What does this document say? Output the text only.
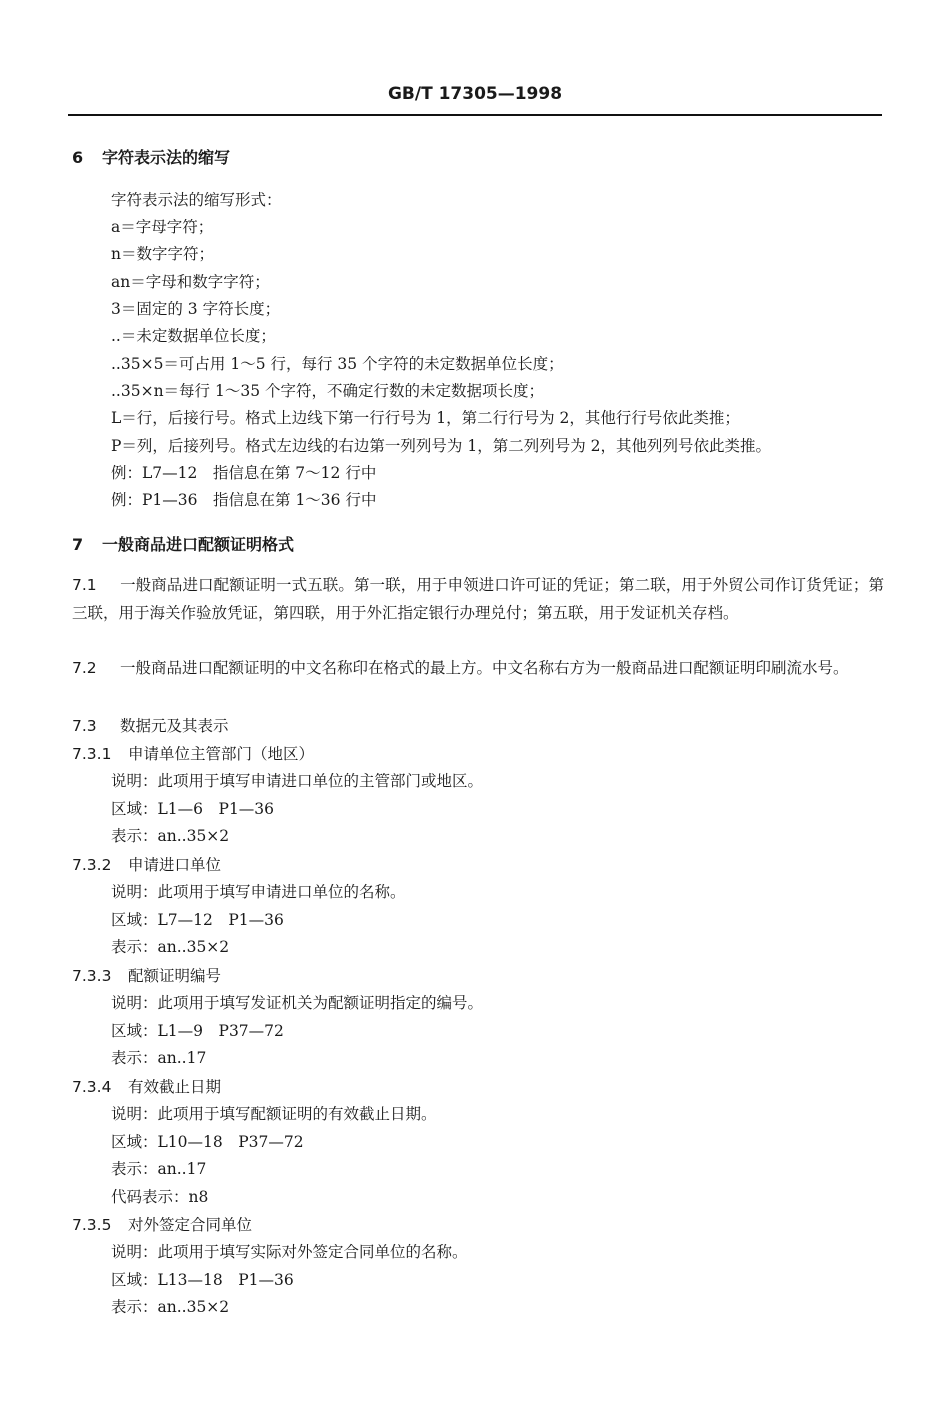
GB/T 17305—1998
6 字符表示法的缩写
字符表示法的缩写形式：
a＝字母字符；
n＝数字字符；
an＝字母和数字字符；
3＝固定的 3 字符长度；
..＝未定数据单位长度；
..35×5＝可占用 1～5 行，每行 35 个字符的未定数据单位长度；
..35×n＝每行 1～35 个字符，不确定行数的未定数据项长度；
L＝行，后接行号。格式上边线下第一行行号为 1，第二行行号为 2，其他行行号依此类推；
P＝列，后接列号。格式左边线的右边第一列列号为 1，第二列列号为 2，其他列列号依此类推。
例：L7—12　指信息在第 7～12 行中
例：P1—36　指信息在第 1～36 行中
7 一般商品进口配额证明格式
7.1 一般商品进口配额证明一式五联。第一联，用于申领进口许可证的凭证；第二联，用于外贸公司作订货凭证；第三联，用于海关作验放凭证，第四联，用于外汇指定银行办理兑付；第五联，用于发证机关存档。
7.2 一般商品进口配额证明的中文名称印在格式的最上方。中文名称右方为一般商品进口配额证明印刷流水号。
7.3 数据元及其表示
7.3.1 申请单位主管部门（地区）
说明：此项用于填写申请进口单位的主管部门或地区。
区域：L1—6　P1—36
表示：an..35×2
7.3.2 申请进口单位
说明：此项用于填写申请进口单位的名称。
区域：L7—12　P1—36
表示：an..35×2
7.3.3 配额证明编号
说明：此项用于填写发证机关为配额证明指定的编号。
区域：L1—9　P37—72
表示：an..17
7.3.4 有效截止日期
说明：此项用于填写配额证明的有效截止日期。
区域：L10—18　P37—72
表示：an..17
代码表示：n8
7.3.5 对外签定合同单位
说明：此项用于填写实际对外签定合同单位的名称。
区域：L13—18　P1—36
表示：an..35×2
